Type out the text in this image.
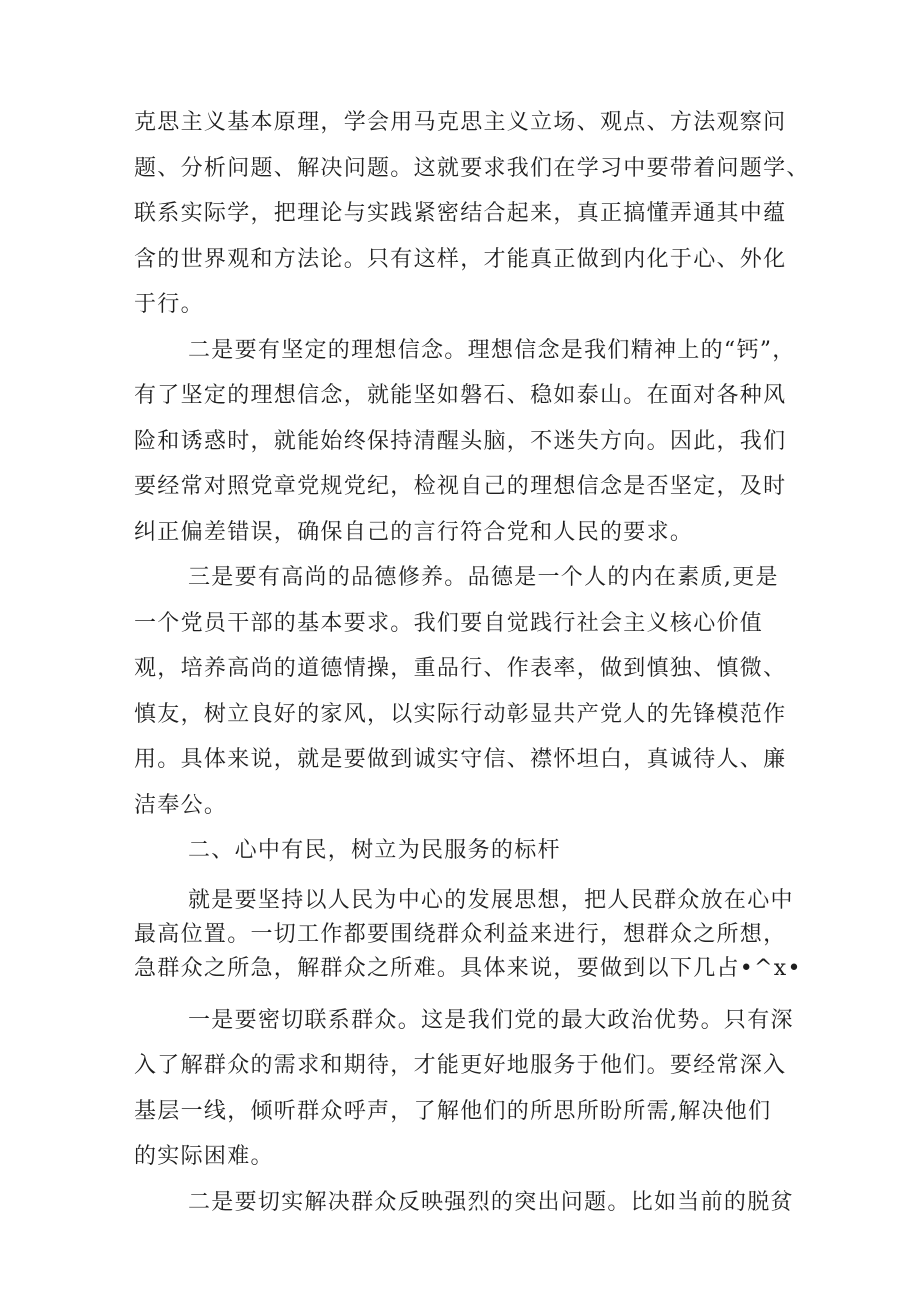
克思主义基本原理，学会用马克思主义立场、观点、方法观察问
题、分析问题、解决问题。这就要求我们在学习中要带着问题学、
联系实际学，把理论与实践紧密结合起来，真正搞懂弄通其中蕴
含的世界观和方法论。只有这样，才能真正做到内化于心、外化
于行。
二是要有坚定的理想信念。理想信念是我们精神上的“钙”，
有了坚定的理想信念，就能坚如磐石、稳如泰山。在面对各种风
险和诱惑时，就能始终保持清醒头脑，不迷失方向。因此，我们
要经常对照党章党规党纪，检视自己的理想信念是否坚定，及时
纠正偏差错误，确保自己的言行符合党和人民的要求。
三是要有高尚的品德修养。品德是一个人的内在素质,更是
一个党员干部的基本要求。我们要自觉践行社会主义核心价值
观，培养高尚的道德情操，重品行、作表率，做到慎独、慎微、
慎友，树立良好的家风，以实际行动彰显共产党人的先锋模范作
用。具体来说，就是要做到诚实守信、襟怀坦白，真诚待人、廉
洁奉公。
二、心中有民，树立为民服务的标杆
就是要坚持以人民为中心的发展思想，把人民群众放在心中
最高位置。一切工作都要围绕群众利益来进行，想群众之所想，
急群众之所急，解群众之所难。具体来说，要做到以下几占•^x•
一是要密切联系群众。这是我们党的最大政治优势。只有深
入了解群众的需求和期待，才能更好地服务于他们。要经常深入
基层一线，倾听群众呼声，了解他们的所思所盼所需,解决他们
的实际困难。
二是要切实解决群众反映强烈的突出问题。比如当前的脱贫
